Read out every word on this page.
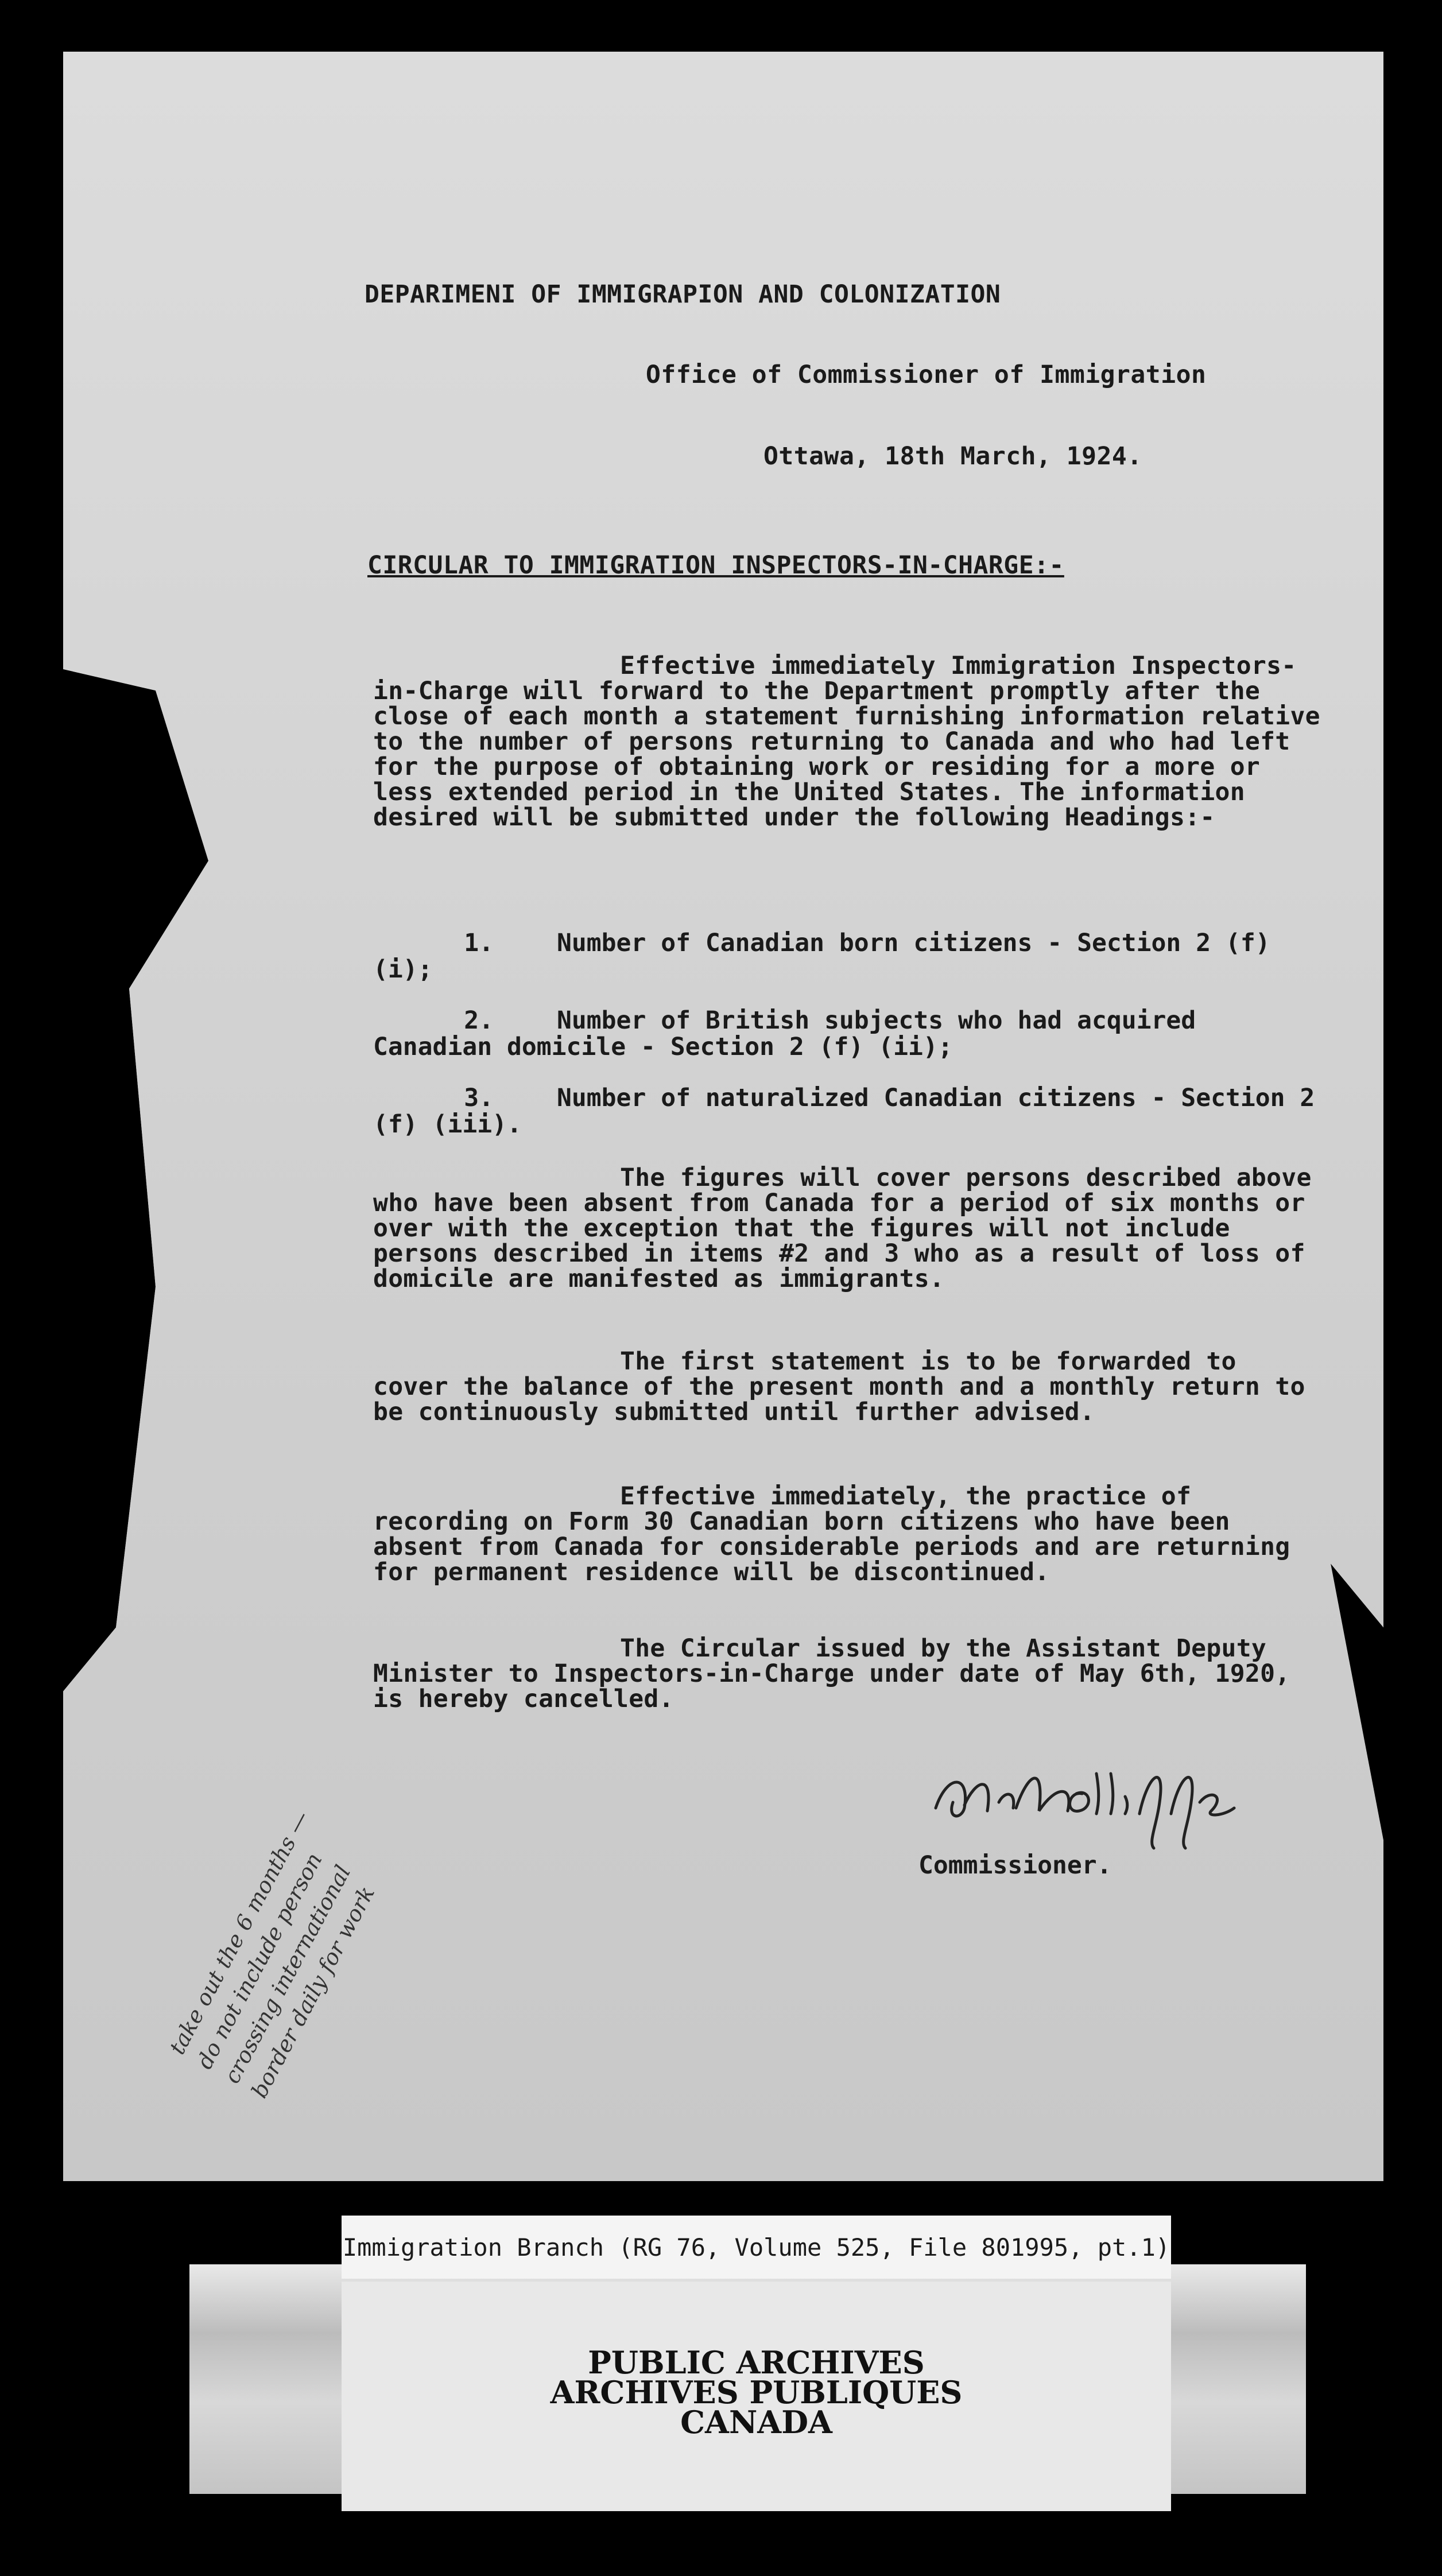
DEPARIMENI OF IMMIGRAPION AND COLONIZATION
Office of Commissioner of Immigration
Ottawa, 18th March, 1924.
CIRCULAR TO IMMIGRATION INSPECTORS-IN-CHARGE:-
Effective immediately Immigration Inspectors-in-Charge will forward to the Department promptly after the close of each month a statement furnishing information relative to the number of persons returning to Canada and who had left for the purpose of obtaining work or residing for a more or less extended period in the United States. The information desired will be submitted under the following Headings:-
1.	Number of Canadian born citizens - Section 2 (f) (i);
2.	Number of British subjects who had acquired Canadian domicile - Section 2 (f) (ii);
3.	Number of naturalized Canadian citizens - Section 2 (f) (iii).
The figures will cover persons described above who have been absent from Canada for a period of six months or over with the exception that the figures will not include persons described in items #2 and 3 who as a result of loss of domicile are manifested as immigrants.
The first statement is to be forwarded to cover the balance of the present month and a monthly return to be continuously submitted until further advised.
Effective immediately, the practice of recording on Form 30 Canadian born citizens who have been absent from Canada for considerable periods and are returning for permanent residence will be discontinued.
The Circular issued by the Assistant Deputy Minister to Inspectors-in-Charge under date of May 6th, 1920, is hereby cancelled.
Commissioner.
take out the 6 months — do not include person crossing international border daily for work
Immigration Branch (RG 76, Volume 525, File 801995, pt.1)
PUBLIC ARCHIVES
ARCHIVES PUBLIQUES
CANADA
